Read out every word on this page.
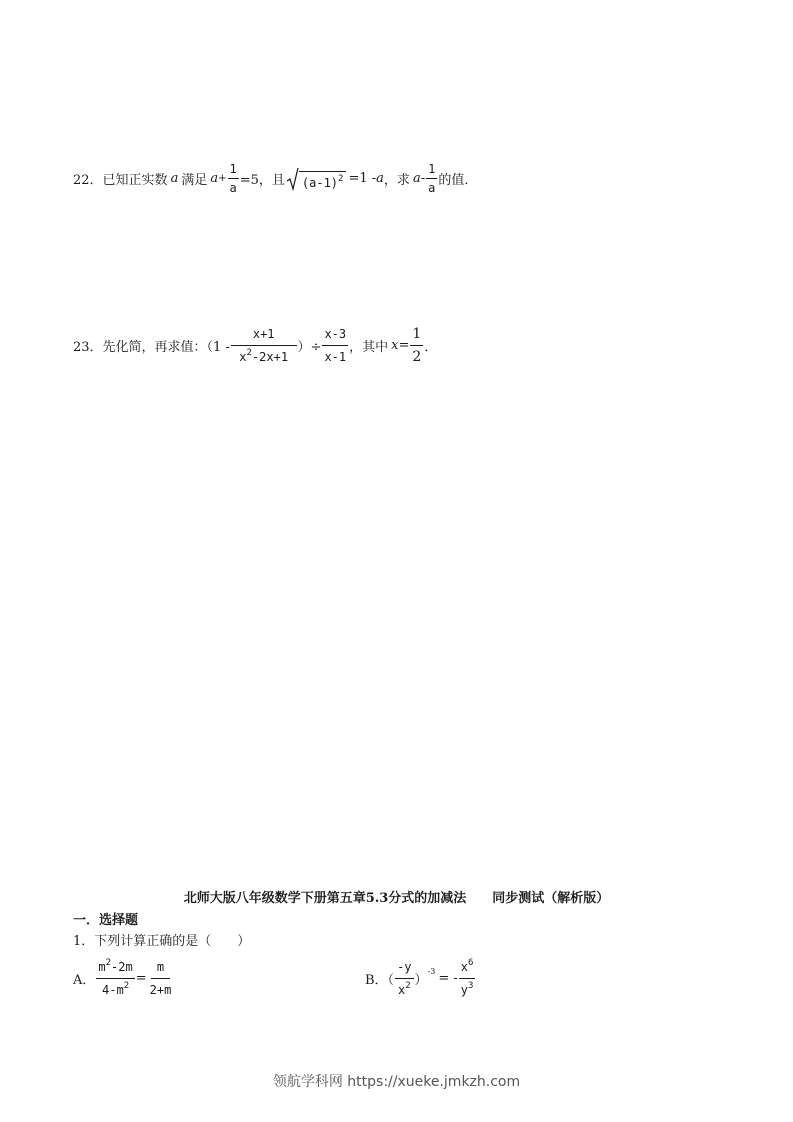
22． 已知正实数 a 满足 $a + \frac{1}{a} =5$，且 $(a-1)^2 =1 - a$ ，求 a - $\frac{1}{a}$ 的值．
23． 先化简，再求值：（$1 - \frac{x+1}{x^2-2x+1}$ ）÷ $\frac{x-3}{x-1}$ ，其中 $x = \frac{1}{2}$ ．
北师大版八年级数学下册第五章5.3分式的加减法　　同步测试（解析版）
一．选择题
1．下列计算正确的是（　　）
A． $\frac{m^2-2m}{4-m^2} = \frac{m}{2+m}$	B．（ $\frac{-y}{x^2}$ ）
-3 = - $\frac{x^6}{y^3}$
领航学科网 https://xueke.jmkzh.com
